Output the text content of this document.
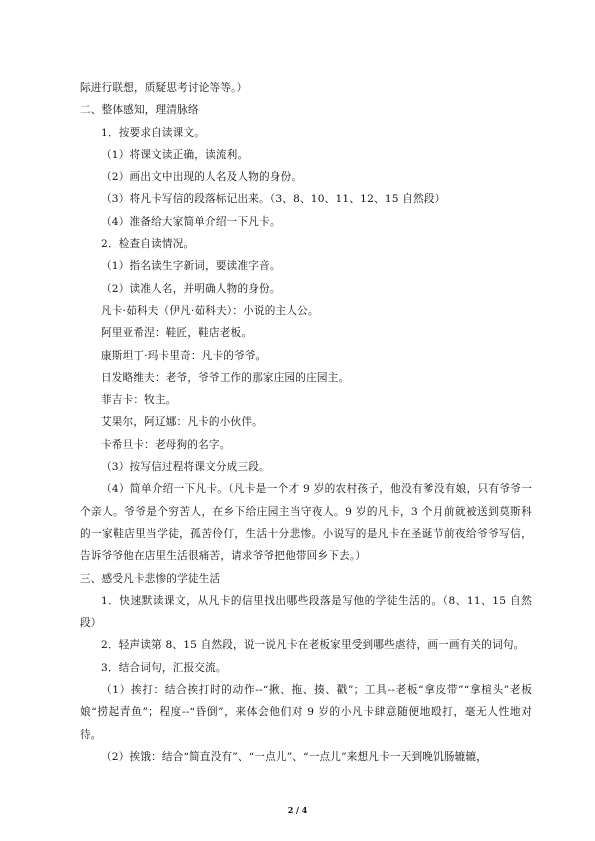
际进行联想，质疑思考讨论等等。）
二、整体感知，理清脉络
1．按要求自读课文。
（1）将课文读正确，读流利。
（2）画出文中出现的人名及人物的身份。
（3）将凡卡写信的段落标记出来。（3、8、10、11、12、15 自然段）
（4）准备给大家简单介绍一下凡卡。
2．检查自读情况。
（1）指名读生字新词，要读准字音。
（2）读准人名，并明确人物的身份。
凡卡·茹科夫（伊凡·茹科夫）：小说的主人公。
阿里亚希涅：鞋匠，鞋店老板。
康斯坦丁·玛卡里奇：凡卡的爷爷。
日发略维夫：老爷，爷爷工作的那家庄园的庄园主。
菲吉卡：牧主。
艾果尔，阿辽娜：凡卡的小伙伴。
卡希旦卡：老母狗的名字。
（3）按写信过程将课文分成三段。
（4）简单介绍一下凡卡。（凡卡是一个才 9 岁的农村孩子，他没有爹没有娘，只有爷爷一个亲人。爷爷是个穷苦人，在乡下给庄园主当守夜人。9 岁的凡卡，3 个月前就被送到莫斯科的一家鞋店里当学徒，孤苦伶仃，生活十分悲惨。小说写的是凡卡在圣诞节前夜给爷爷写信，告诉爷爷他在店里生活很痛苦，请求爷爷把他带回乡下去。）
三、感受凡卡悲惨的学徒生活
1．快速默读课文，从凡卡的信里找出哪些段落是写他的学徒生活的。（8、11、15 自然段）
2．轻声读第 8、15 自然段，说一说凡卡在老板家里受到哪些虐待，画一画有关的词句。
3．结合词句，汇报交流。
（1）挨打：结合挨打时的动作--“揪、拖、揍、戳”；工具--老板“拿皮带”“拿楦头”老板娘“捞起青鱼”；程度--“昏倒”，来体会他们对 9 岁的小凡卡肆意随便地殴打，毫无人性地对待。
（2）挨饿：结合“简直没有”、“一点儿”、“一点儿”来想凡卡一天到晚饥肠辘辘，
2 / 4
